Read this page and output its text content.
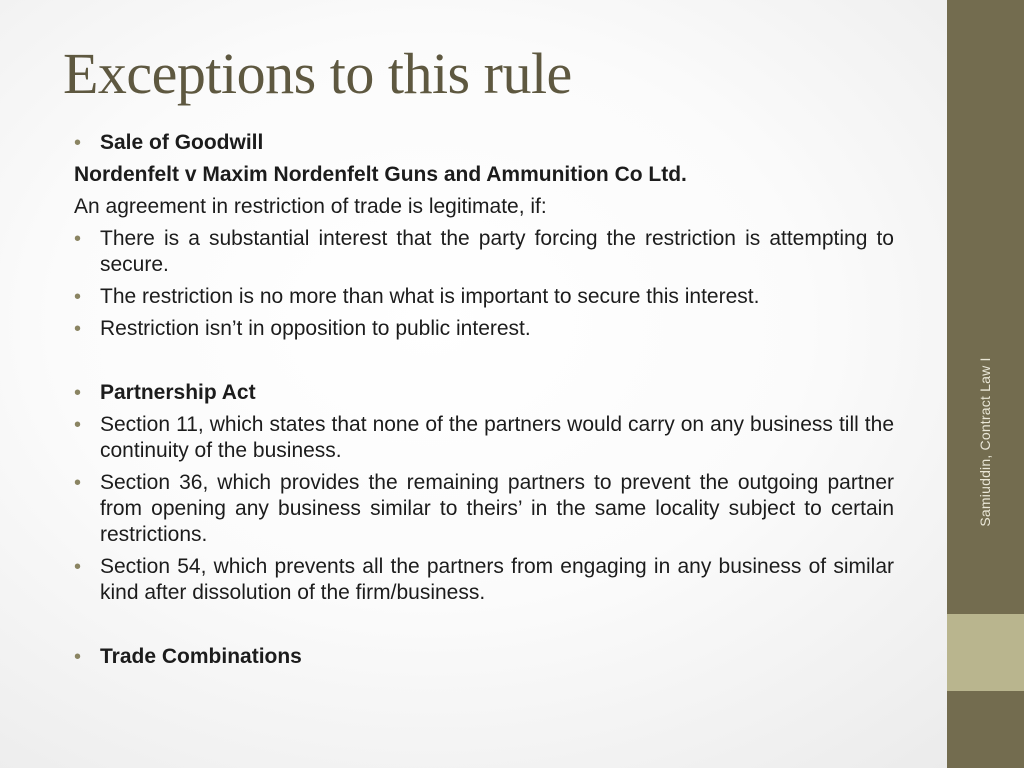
Exceptions to this rule
• Sale of Goodwill
Nordenfelt v Maxim Nordenfelt Guns and Ammunition Co Ltd.
An agreement in restriction of trade is legitimate, if:
• There is a substantial interest that the party forcing the restriction is attempting to secure.
• The restriction is no more than what is important to secure this interest.
• Restriction isn’t in opposition to public interest.
• Partnership Act
• Section 11, which states that none of the partners would carry on any business till the continuity of the business.
• Section 36, which provides the remaining partners to prevent the outgoing partner from opening any business similar to theirs’ in the same locality subject to certain restrictions.
• Section 54, which prevents all the partners from engaging in any business of similar kind after dissolution of the firm/business.
• Trade Combinations
Samiuddin, Contract Law I
